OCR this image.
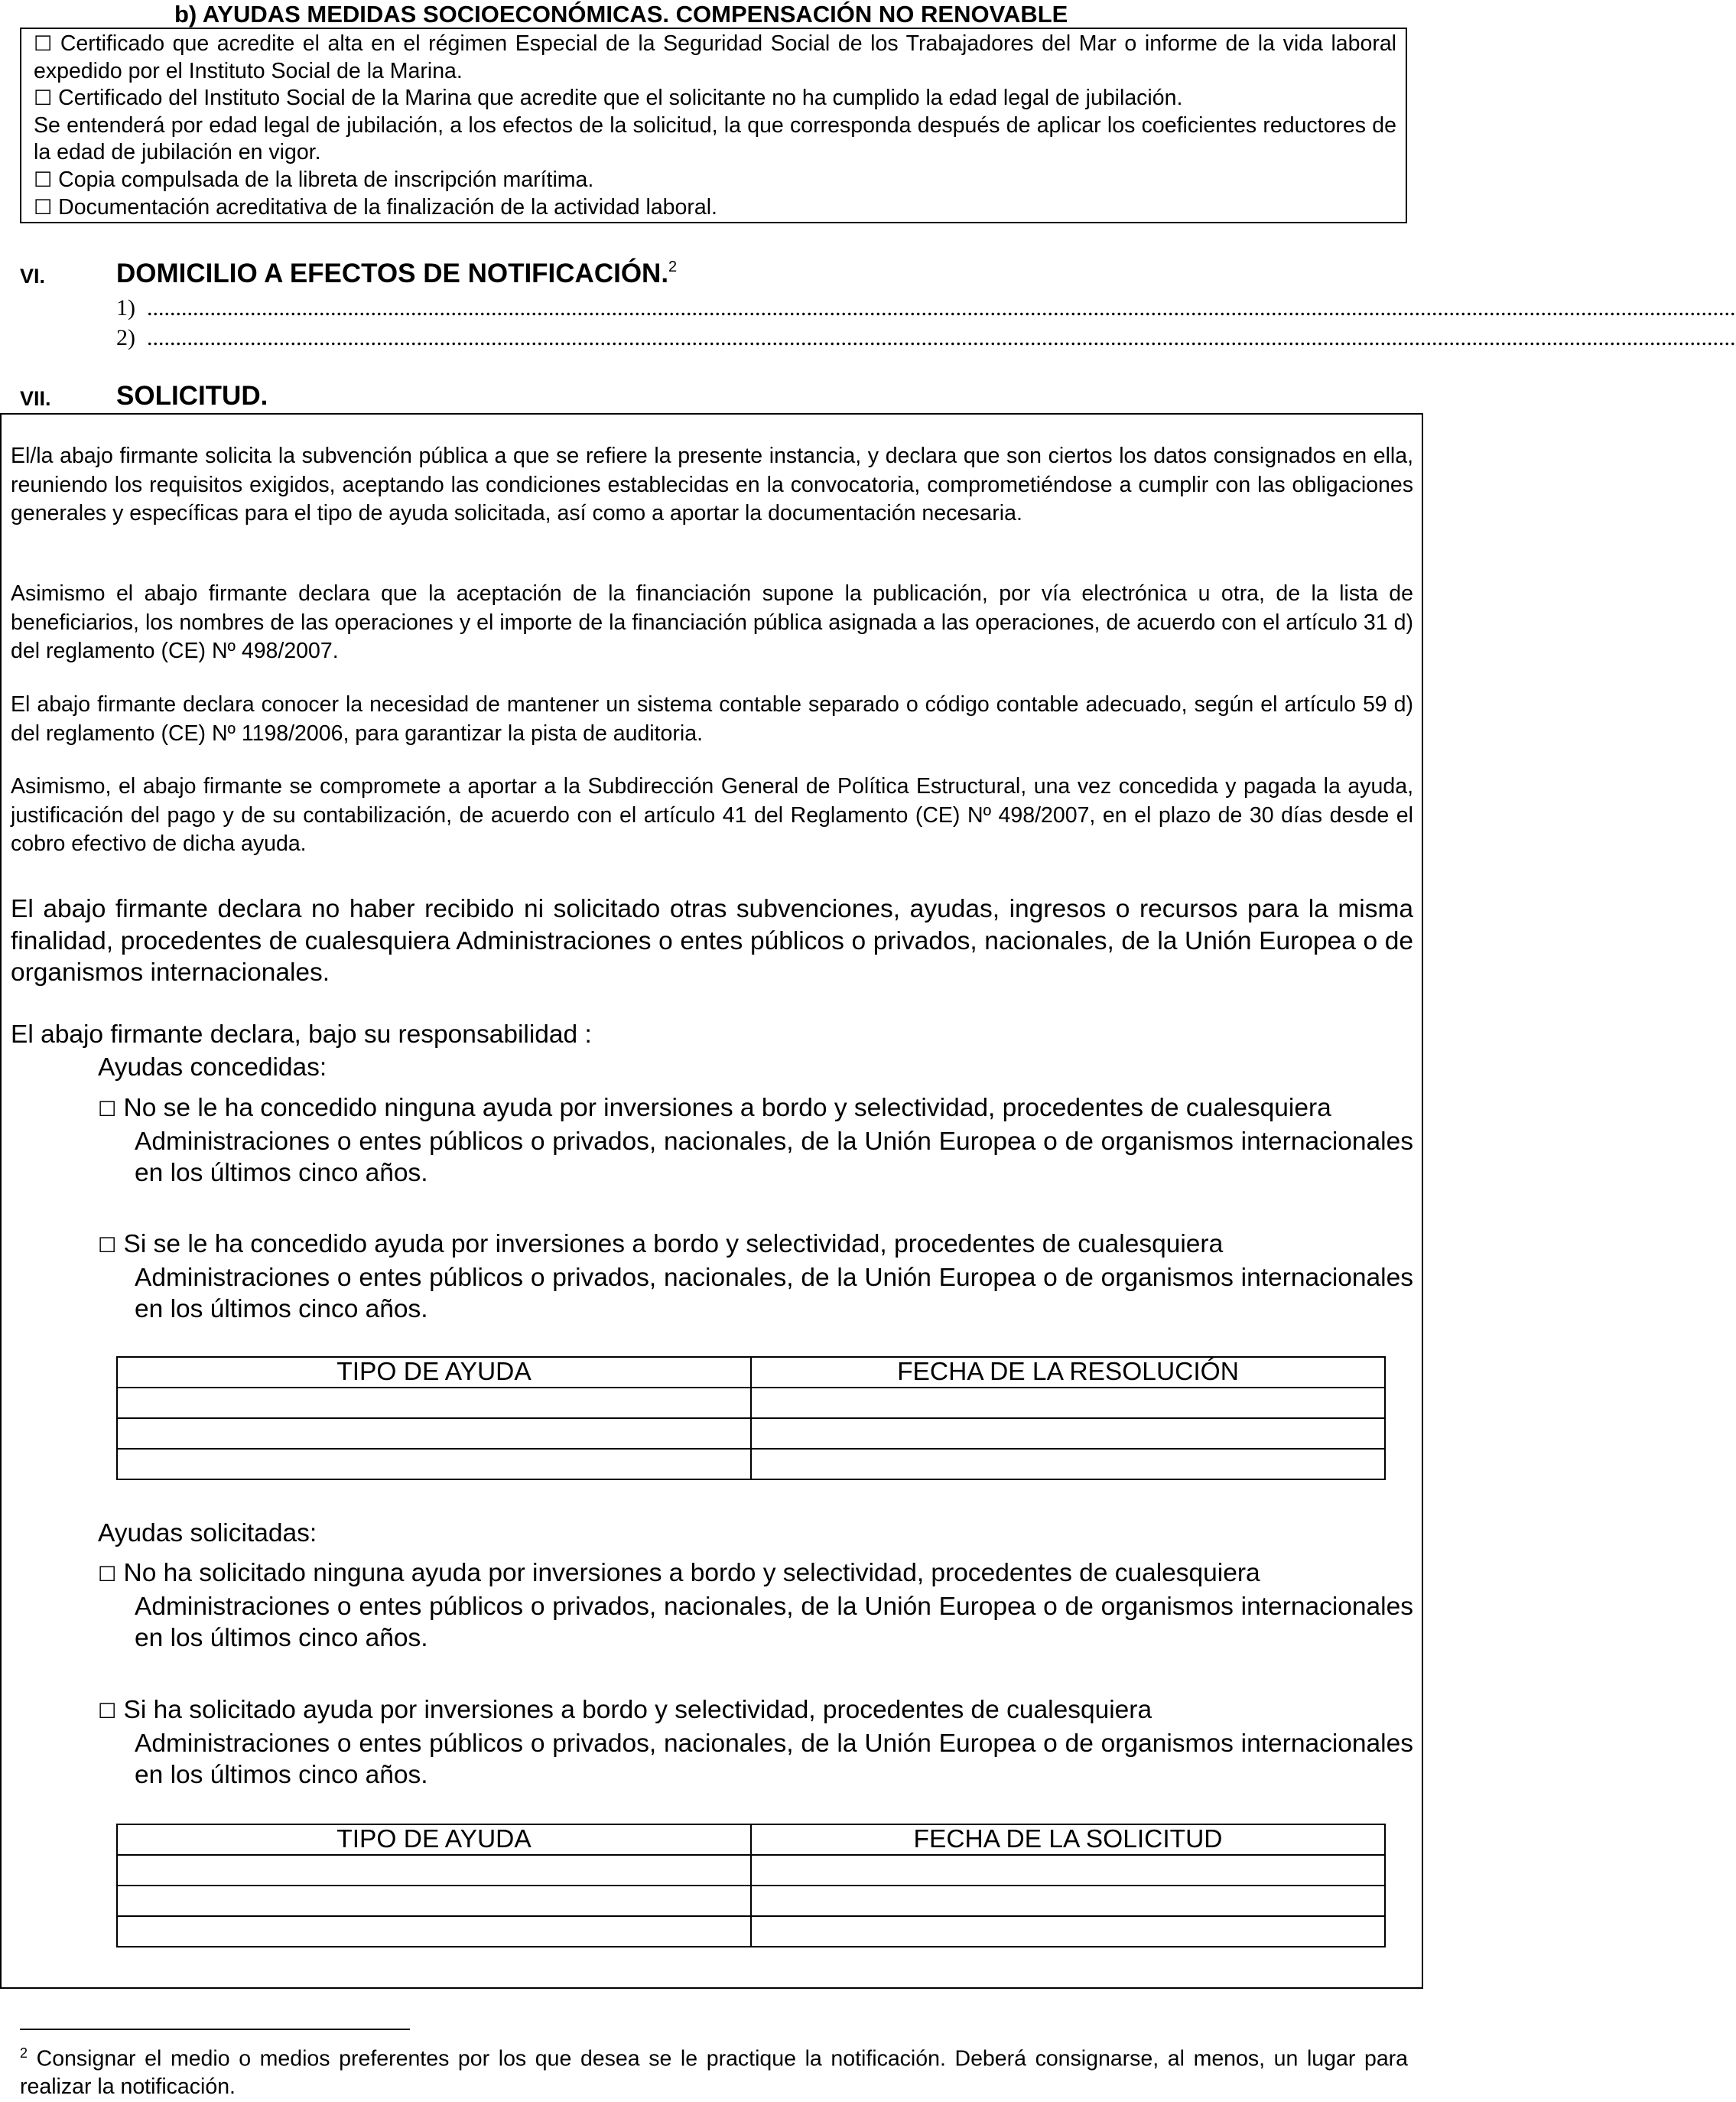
b) AYUDAS MEDIDAS SOCIOECONÓMICAS. COMPENSACIÓN NO RENOVABLE

☐ Certificado que acredite el alta en el régimen Especial de la Seguridad Social de los Trabajadores del Mar o informe de la vida laboral expedido por el Instituto Social de la Marina.

☐ Certificado del Instituto Social de la Marina que acredite que el solicitante no ha cumplido la edad legal de jubilación.

Se entenderá por edad legal de jubilación, a los efectos de la solicitud, la que corresponda después de aplicar los coeficientes reductores de la edad de jubilación en vigor.

☐ Copia compulsada de la libreta de inscripción marítima.

☐ Documentación acreditativa de la finalización de la actividad laboral.

VI.	DOMICILIO A EFECTOS DE NOTIFICACIÓN.$^2$
1) .....................................................................................................................................................................................................................................................................................
2) .....................................................................................................................................................................................................................................................................................
VII. SOLICITUD.

El/la abajo firmante solicita la subvención pública a que se refiere la presente instancia, y declara que son ciertos los datos consignados en ella, reuniendo los requisitos exigidos, aceptando las condiciones establecidas en la convocatoria, comprometiéndose a cumplir con las obligaciones generales y específicas para el tipo de ayuda solicitada, así como a aportar la documentación necesaria.

Asimismo el abajo firmante declara que la aceptación de la financiación supone la publicación, por vía electrónica u otra, de la lista de beneficiarios, los nombres de las operaciones y el importe de la financiación pública asignada a las operaciones, de acuerdo con el artículo 31 d) del reglamento (CE) Nº 498/2007.

El abajo firmante declara conocer la necesidad de mantener un sistema contable separado o código contable adecuado, según el artículo 59 d) del reglamento (CE) Nº 1198/2006, para garantizar la pista de auditoria.

Asimismo, el abajo firmante se compromete a aportar a la Subdirección General de Política Estructural, una vez concedida y pagada la ayuda, justificación del pago y de su contabilización, de acuerdo con el artículo 41 del Reglamento (CE) Nº 498/2007, en el plazo de 30 días desde el cobro efectivo de dicha ayuda.

El abajo firmante declara no haber recibido ni solicitado otras subvenciones, ayudas, ingresos o recursos para la misma finalidad, procedentes de cualesquiera Administraciones o entes públicos o privados, nacionales, de la Unión Europea o de organismos internacionales.

El abajo firmante declara, bajo su responsabilidad :

Ayudas concedidas:

☐ No se le ha concedido ninguna ayuda por inversiones a bordo y selectividad, procedentes de cualesquiera
Administraciones o entes públicos o privados, nacionales, de la Unión Europea o de organismos internacionales en los últimos cinco años.
☐ Si se le ha concedido ayuda por inversiones a bordo y selectividad, procedentes de cualesquiera
Administraciones o entes públicos o privados, nacionales, de la Unión Europea o de organismos internacionales en los últimos cinco años.
TIPO DE AYUDA	FECHA DE LA RESOLUCIÓN

Ayudas solicitadas:

☐ No ha solicitado ninguna ayuda por inversiones a bordo y selectividad, procedentes de cualesquiera
Administraciones o entes públicos o privados, nacionales, de la Unión Europea o de organismos internacionales en los últimos cinco años.
☐ Si ha solicitado ayuda por inversiones a bordo y selectividad, procedentes de cualesquiera
Administraciones o entes públicos o privados, nacionales, de la Unión Europea o de organismos internacionales en los últimos cinco años.
TIPO DE AYUDA	FECHA DE LA SOLICITUD

$^2$ Consignar el medio o medios preferentes por los que desea se le practique la notificación. Deberá consignarse, al menos, un lugar para realizar la notificación.
